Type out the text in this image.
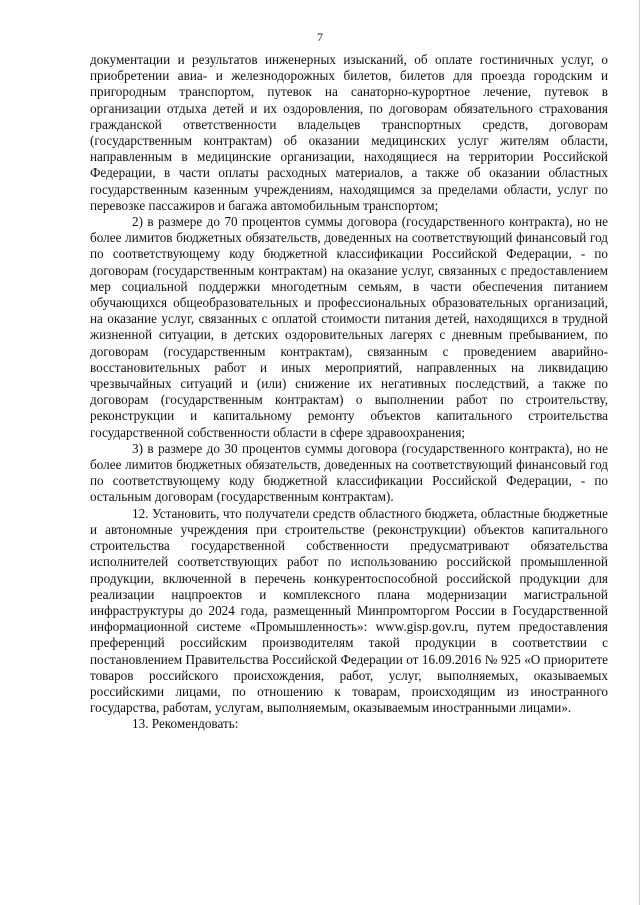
7

документации и результатов инженерных изысканий, об оплате гостиничных услуг, о приобретении авиа- и железнодорожных билетов, билетов для проезда городским и пригородным транспортом, путевок на санаторно-курортное лечение, путевок в организации отдыха детей и их оздоровления, по договорам обязательного страхования гражданской ответственности владельцев транспортных средств, договорам (государственным контрактам) об оказании медицинских услуг жителям области, направленным в медицинские организации, находящиеся на территории Российской Федерации, в части оплаты расходных материалов, а также об оказании областных государственным казенным учреждениям, находящимся за пределами области, услуг по перевозке пассажиров и багажа автомобильным транспортом;

2) в размере до 70 процентов суммы договора (государственного контракта), но не более лимитов бюджетных обязательств, доведенных на соответствующий финансовый год по соответствующему коду бюджетной классификации Российской Федерации, - по договорам (государственным контрактам) на оказание услуг, связанных с предоставлением мер социальной поддержки многодетным семьям, в части обеспечения питанием обучающихся общеобразовательных и профессиональных образовательных организаций, на оказание услуг, связанных с оплатой стоимости питания детей, находящихся в трудной жизненной ситуации, в детских оздоровительных лагерях с дневным пребыванием, по договорам (государственным контрактам), связанным с проведением аварийно-восстановительных работ и иных мероприятий, направленных на ликвидацию чрезвычайных ситуаций и (или) снижение их негативных последствий, а также по договорам (государственным контрактам) о выполнении работ по строительству, реконструкции и капитальному ремонту объектов капитального строительства государственной собственности области в сфере здравоохранения;

3) в размере до 30 процентов суммы договора (государственного контракта), но не более лимитов бюджетных обязательств, доведенных на соответствующий финансовый год по соответствующему коду бюджетной классификации Российской Федерации, - по остальным договорам (государственным контрактам).

12. Установить, что получатели средств областного бюджета, областные бюджетные и автономные учреждения при строительстве (реконструкции) объектов капитального строительства государственной собственности предусматривают обязательства исполнителей соответствующих работ по использованию российской промышленной продукции, включенной в перечень конкурентоспособной российской продукции для реализации нацпроектов и комплексного плана модернизации магистральной инфраструктуры до 2024 года, размещенный Минпромторгом России в Государственной информационной системе «Промышленность»: www.gisp.gov.ru, путем предоставления преференций российским производителям такой продукции в соответствии с постановлением Правительства Российской Федерации от 16.09.2016 № 925 «О приоритете товаров российского происхождения, работ, услуг, выполняемых, оказываемых российскими лицами, по отношению к товарам, происходящим из иностранного государства, работам, услугам, выполняемым, оказываемым иностранными лицами».

13. Рекомендовать:
